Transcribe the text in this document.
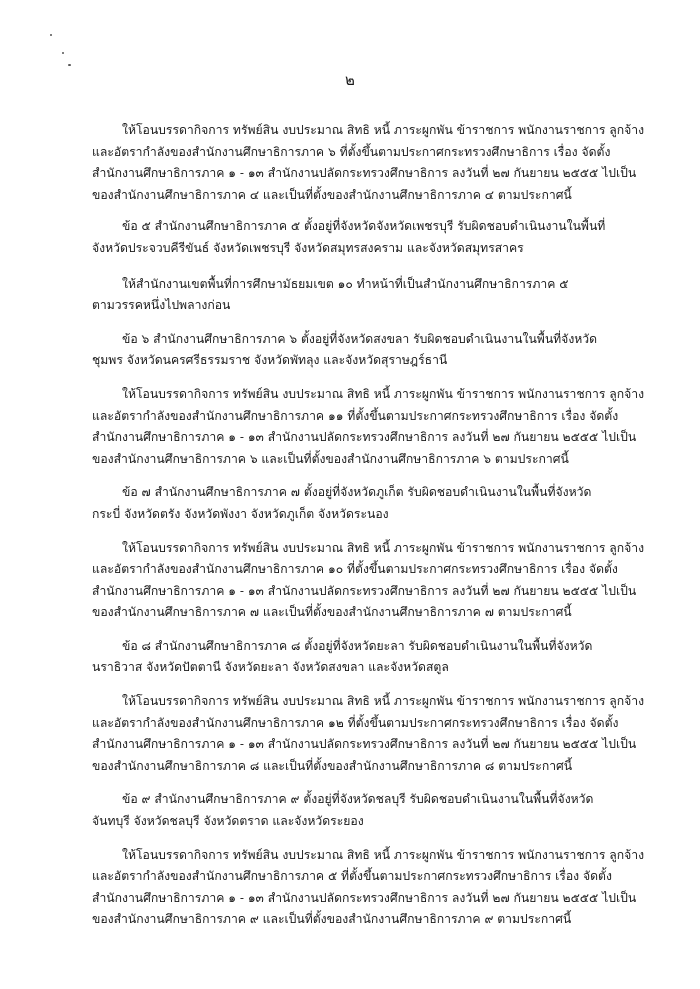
๒

ให้โอนบรรดากิจการ ทรัพย์สิน งบประมาณ สิทธิ หนี้ ภาระผูกพัน ข้าราชการ พนักงานราชการ ลูกจ้าง
และอัตรากำลังของสำนักงานศึกษาธิการภาค ๖ ที่ตั้งขึ้นตามประกาศกระทรวงศึกษาธิการ เรื่อง จัดตั้ง
สำนักงานศึกษาธิการภาค ๑ - ๑๓ สำนักงานปลัดกระทรวงศึกษาธิการ ลงวันที่ ๒๗ กันยายน ๒๕๕๕ ไปเป็น
ของสำนักงานศึกษาธิการภาค ๔ และเป็นที่ตั้งของสำนักงานศึกษาธิการภาค ๔ ตามประกาศนี้

ข้อ ๕ สำนักงานศึกษาธิการภาค ๕ ตั้งอยู่ที่จังหวัดจังหวัดเพชรบุรี รับผิดชอบดำเนินงานในพื้นที่
จังหวัดประจวบคีรีขันธ์ จังหวัดเพชรบุรี จังหวัดสมุทรสงคราม และจังหวัดสมุทรสาคร

ให้สำนักงานเขตพื้นที่การศึกษามัธยมเขต ๑๐ ทำหน้าที่เป็นสำนักงานศึกษาธิการภาค ๕
ตามวรรคหนึ่งไปพลางก่อน

ข้อ ๖ สำนักงานศึกษาธิการภาค ๖ ตั้งอยู่ที่จังหวัดสงขลา รับผิดชอบดำเนินงานในพื้นที่จังหวัด
ชุมพร จังหวัดนครศรีธรรมราช จังหวัดพัทลุง และจังหวัดสุราษฎร์ธานี

ให้โอนบรรดากิจการ ทรัพย์สิน งบประมาณ สิทธิ หนี้ ภาระผูกพัน ข้าราชการ พนักงานราชการ ลูกจ้าง
และอัตรากำลังของสำนักงานศึกษาธิการภาค ๑๑ ที่ตั้งขึ้นตามประกาศกระทรวงศึกษาธิการ เรื่อง จัดตั้ง
สำนักงานศึกษาธิการภาค ๑ - ๑๓ สำนักงานปลัดกระทรวงศึกษาธิการ ลงวันที่ ๒๗ กันยายน ๒๕๕๕ ไปเป็น
ของสำนักงานศึกษาธิการภาค ๖ และเป็นที่ตั้งของสำนักงานศึกษาธิการภาค ๖ ตามประกาศนี้

ข้อ ๗ สำนักงานศึกษาธิการภาค ๗ ตั้งอยู่ที่จังหวัดภูเก็ต รับผิดชอบดำเนินงานในพื้นที่จังหวัด
กระบี่ จังหวัดตรัง จังหวัดพังงา จังหวัดภูเก็ต จังหวัดระนอง

ให้โอนบรรดากิจการ ทรัพย์สิน งบประมาณ สิทธิ หนี้ ภาระผูกพัน ข้าราชการ พนักงานราชการ ลูกจ้าง
และอัตรากำลังของสำนักงานศึกษาธิการภาค ๑๐ ที่ตั้งขึ้นตามประกาศกระทรวงศึกษาธิการ เรื่อง จัดตั้ง
สำนักงานศึกษาธิการภาค ๑ - ๑๓ สำนักงานปลัดกระทรวงศึกษาธิการ ลงวันที่ ๒๗ กันยายน ๒๕๕๕ ไปเป็น
ของสำนักงานศึกษาธิการภาค ๗ และเป็นที่ตั้งของสำนักงานศึกษาธิการภาค ๗ ตามประกาศนี้

ข้อ ๘ สำนักงานศึกษาธิการภาค ๘ ตั้งอยู่ที่จังหวัดยะลา รับผิดชอบดำเนินงานในพื้นที่จังหวัด
นราธิวาส จังหวัดปัตตานี จังหวัดยะลา จังหวัดสงขลา และจังหวัดสตูล

ให้โอนบรรดากิจการ ทรัพย์สิน งบประมาณ สิทธิ หนี้ ภาระผูกพัน ข้าราชการ พนักงานราชการ ลูกจ้าง
และอัตรากำลังของสำนักงานศึกษาธิการภาค ๑๒ ที่ตั้งขึ้นตามประกาศกระทรวงศึกษาธิการ เรื่อง จัดตั้ง
สำนักงานศึกษาธิการภาค ๑ - ๑๓ สำนักงานปลัดกระทรวงศึกษาธิการ ลงวันที่ ๒๗ กันยายน ๒๕๕๕ ไปเป็น
ของสำนักงานศึกษาธิการภาค ๘ และเป็นที่ตั้งของสำนักงานศึกษาธิการภาค ๘ ตามประกาศนี้

ข้อ ๙ สำนักงานศึกษาธิการภาค ๙ ตั้งอยู่ที่จังหวัดชลบุรี รับผิดชอบดำเนินงานในพื้นที่จังหวัด
จันทบุรี จังหวัดชลบุรี จังหวัดตราด และจังหวัดระยอง

ให้โอนบรรดากิจการ ทรัพย์สิน งบประมาณ สิทธิ หนี้ ภาระผูกพัน ข้าราชการ พนักงานราชการ ลูกจ้าง
และอัตรากำลังของสำนักงานศึกษาธิการภาค ๕ ที่ตั้งขึ้นตามประกาศกระทรวงศึกษาธิการ เรื่อง จัดตั้ง
สำนักงานศึกษาธิการภาค ๑ - ๑๓ สำนักงานปลัดกระทรวงศึกษาธิการ ลงวันที่ ๒๗ กันยายน ๒๕๕๕ ไปเป็น
ของสำนักงานศึกษาธิการภาค ๙ และเป็นที่ตั้งของสำนักงานศึกษาธิการภาค ๙ ตามประกาศนี้
